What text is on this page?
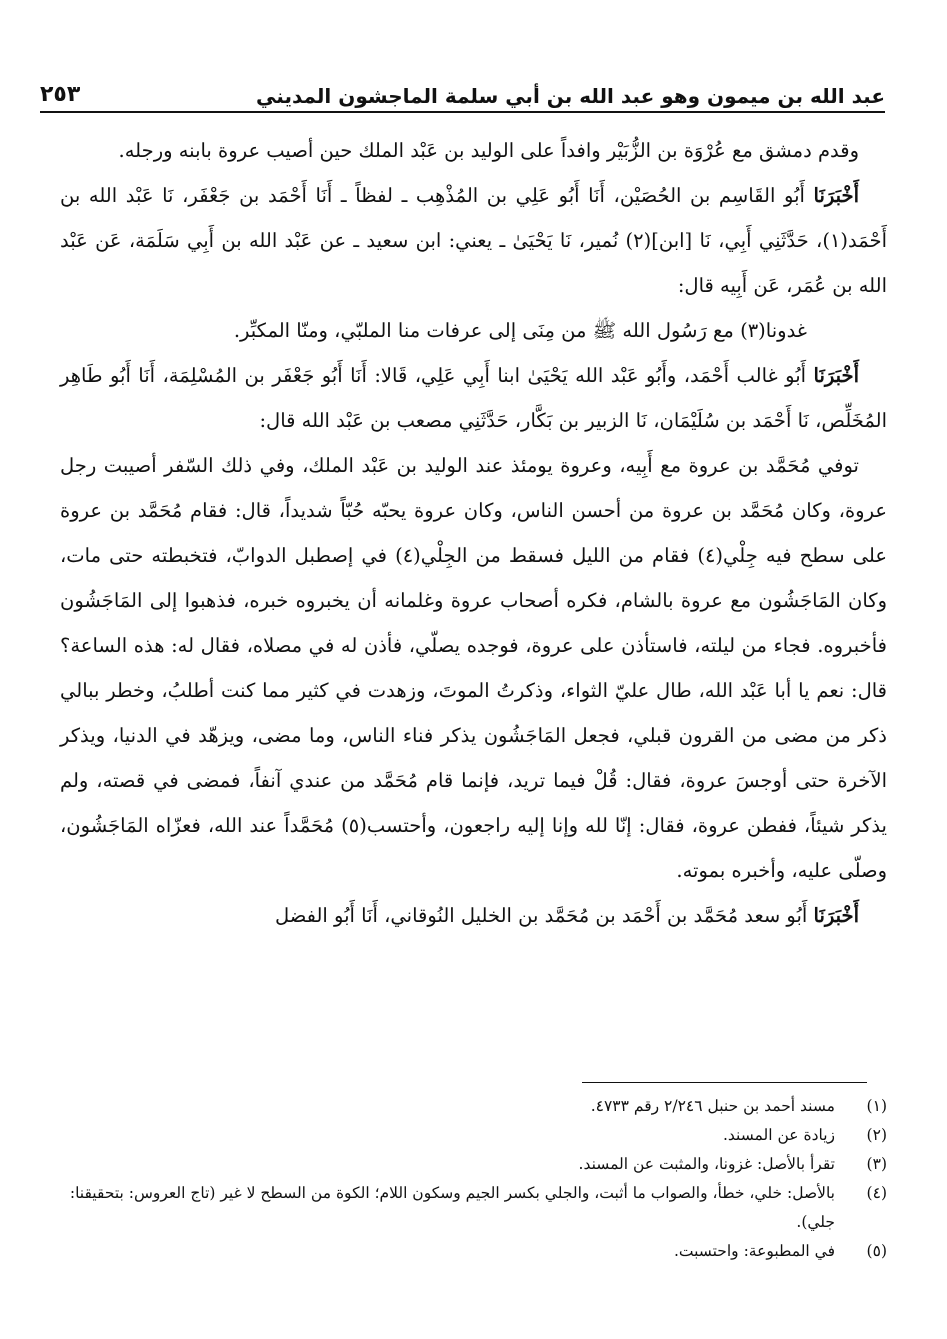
عبد الله بن ميمون وهو عبد الله بن أبي سلمة الماجشون المديني
٢٥٣

وقدم دمشق مع عُرْوَة بن الزُّبَيْر وافداً على الوليد بن عَبْد الملك حين أصيب عروة بابنه ورجله.

أَخْبَرَنَا أَبُو القَاسِم بن الحُصَيْن، أَنَا أَبُو عَلِي بن المُذْهِب ـ لفظاً ـ أَنَا أَحْمَد بن جَعْفَر، نَا عَبْد الله بن أَحْمَد(١)، حَدَّثَنِي أَبِي، نَا [ابن](٢) نُمير، نَا يَحْيَىٰ ـ يعني: ابن سعيد ـ عن عَبْد الله بن أَبِي سَلَمَة، عَن عَبْد الله بن عُمَر، عَن أَبِيه قال:

غدونا(٣) مع رَسُول الله ﷺ من مِنَى إلى عرفات منا الملبّي، ومنّا المكبِّر.

أَخْبَرَنَا أَبُو غالب أَحْمَد، وأَبُو عَبْد الله يَحْيَىٰ ابنا أَبِي عَلِي، قَالا: أَنَا أَبُو جَعْفَر بن المُسْلِمَة، أَنَا أَبُو طَاهِر المُخَلِّص، نَا أَحْمَد بن سُلَيْمَان، نَا الزبير بن بَكَّار، حَدَّثَنِي مصعب بن عَبْد الله قال:

توفي مُحَمَّد بن عروة مع أَبِيه، وعروة يومئذ عند الوليد بن عَبْد الملك، وفي ذلك السّفر أصيبت رجل عروة، وكان مُحَمَّد بن عروة من أحسن الناس، وكان عروة يحبّه حُبّاً شديداً، قال: فقام مُحَمَّد بن عروة على سطح فيه جِلْي(٤) فقام من الليل فسقط من الجِلْي(٤) في إصطبل الدوابّ، فتخبطته حتى مات، وكان المَاجَشُون مع عروة بالشام، فكره أصحاب عروة وغلمانه أن يخبروه خبره، فذهبوا إلى المَاجَشُون فأخبروه. فجاء من ليلته، فاستأذن على عروة، فوجده يصلّي، فأذن له في مصلاه، فقال له: هذه الساعة؟ قال: نعم يا أبا عَبْد الله، طال عليّ الثواء، وذكرتُ الموتَ، وزهدت في كثير مما كنت أطلبُ، وخطر ببالي ذكر من مضى من القرون قبلي، فجعل المَاجَشُون يذكر فناء الناس، وما مضى، ويزهّد في الدنيا، ويذكر الآخرة حتى أوجسَ عروة، فقال: قُلْ فيما تريد، فإنما قام مُحَمَّد من عندي آنفاً، فمضى في قصته، ولم يذكر شيئاً، ففطن عروة، فقال: إنّا لله وإنا إليه راجعون، وأحتسب(٥) مُحَمَّداً عند الله، فعزّاه المَاجَشُون، وصلّى عليه، وأخبره بموته.

أَخْبَرَنَا أَبُو سعد مُحَمَّد بن أَحْمَد بن مُحَمَّد بن الخليل النُوقاني، أَنَا أَبُو الفضل

(١)
مسند أحمد بن حنبل ٢/٢٤٦ رقم ٤٧٣٣.
(٢)
زيادة عن المسند.
(٣)
تقرأ بالأصل: غزونا، والمثبت عن المسند.
(٤)
بالأصل: خلي، خطأ، والصواب ما أثبت، والجلي بكسر الجيم وسكون اللام؛ الكوة من السطح لا غير (تاج العروس: بتحقيقنا: جلي).
(٥)
في المطبوعة: واحتسبت.
